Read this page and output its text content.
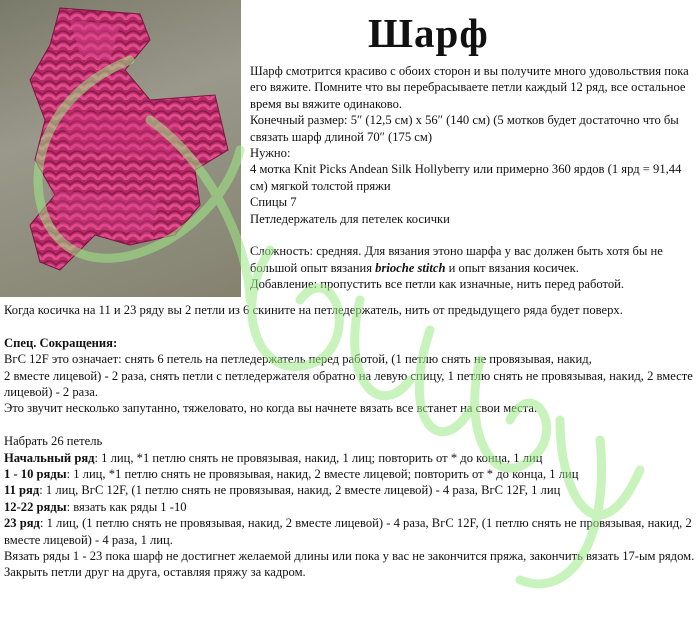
Шарф

Шарф смотрится красиво с обоих сторон и вы получите много удовольствия пока его вяжите. Помните что вы перебрасываете петли каждый 12 ряд, все остальное время вы вяжите одинаково.

Конечный размер: 5″ (12,5 см) x 56″ (140 см) (5 мотков будет достаточно что бы связать шарф длиной 70″ (175 см)

Нужно:

4 мотка Knit Picks Andean Silk Hollyberry или примерно 360 ярдов (1 ярд = 91,44 см) мягкой толстой пряжи

Спицы 7

Петледержатель для петелек косички

Сложность: средняя. Для вязания этоно шарфа у вас должен быть хотя бы не большой опыт вязания brioche stitch и опыт вязания косичек.

Добавление: пропустить все петли как изначные, нить перед работой.

Когда косичка на 11 и 23 ряду вы 2 петли из 6 скините на петледержатель, нить от предыдущего ряда будет поверх.

Спец. Сокращения:

ВгС 12F это означает: снять 6 петель на петледержатель перед работой, (1 петлю снять не провязывая, накид,

2 вместе лицевой) - 2 раза, снять петли с петледержателя обратно на левую спицу, 1 петлю снять не провязывая, накид, 2 вместе лицевой) - 2 раза.

Это звучит несколько запутанно, тяжеловато, но когда вы начнете вязать все встанет на свои места.

Набрать 26 петель

Начальный ряд: 1 лиц, *1 петлю снять не провязывая, накид, 1 лиц; повторить от * до конца, 1 лиц

1 - 10 ряды: 1 лиц, *1 петлю снять не провязывая, накид, 2 вместе лицевой; повторить от * до конца, 1 лиц

11 ряд: 1 лиц, ВгС 12F, (1 петлю снять не провязывая, накид, 2 вместе лицевой) - 4 раза, ВгС 12F, 1 лиц

12-22 ряды: вязать как ряды 1 -10

23 ряд: 1 лиц, (1 петлю снять не провязывая, накид, 2 вместе лицевой) - 4 раза, ВгС 12F, (1 петлю снять не провязывая, накид, 2 вместе лицевой) - 4 раза, 1 лиц.

Вязать ряды 1 - 23 пока шарф не достигнет желаемой длины или пока у вас не закончится пряжа, закончить вязать 17-ым рядом. Закрыть петли друг на друга, оставляя пряжу за кадром.
